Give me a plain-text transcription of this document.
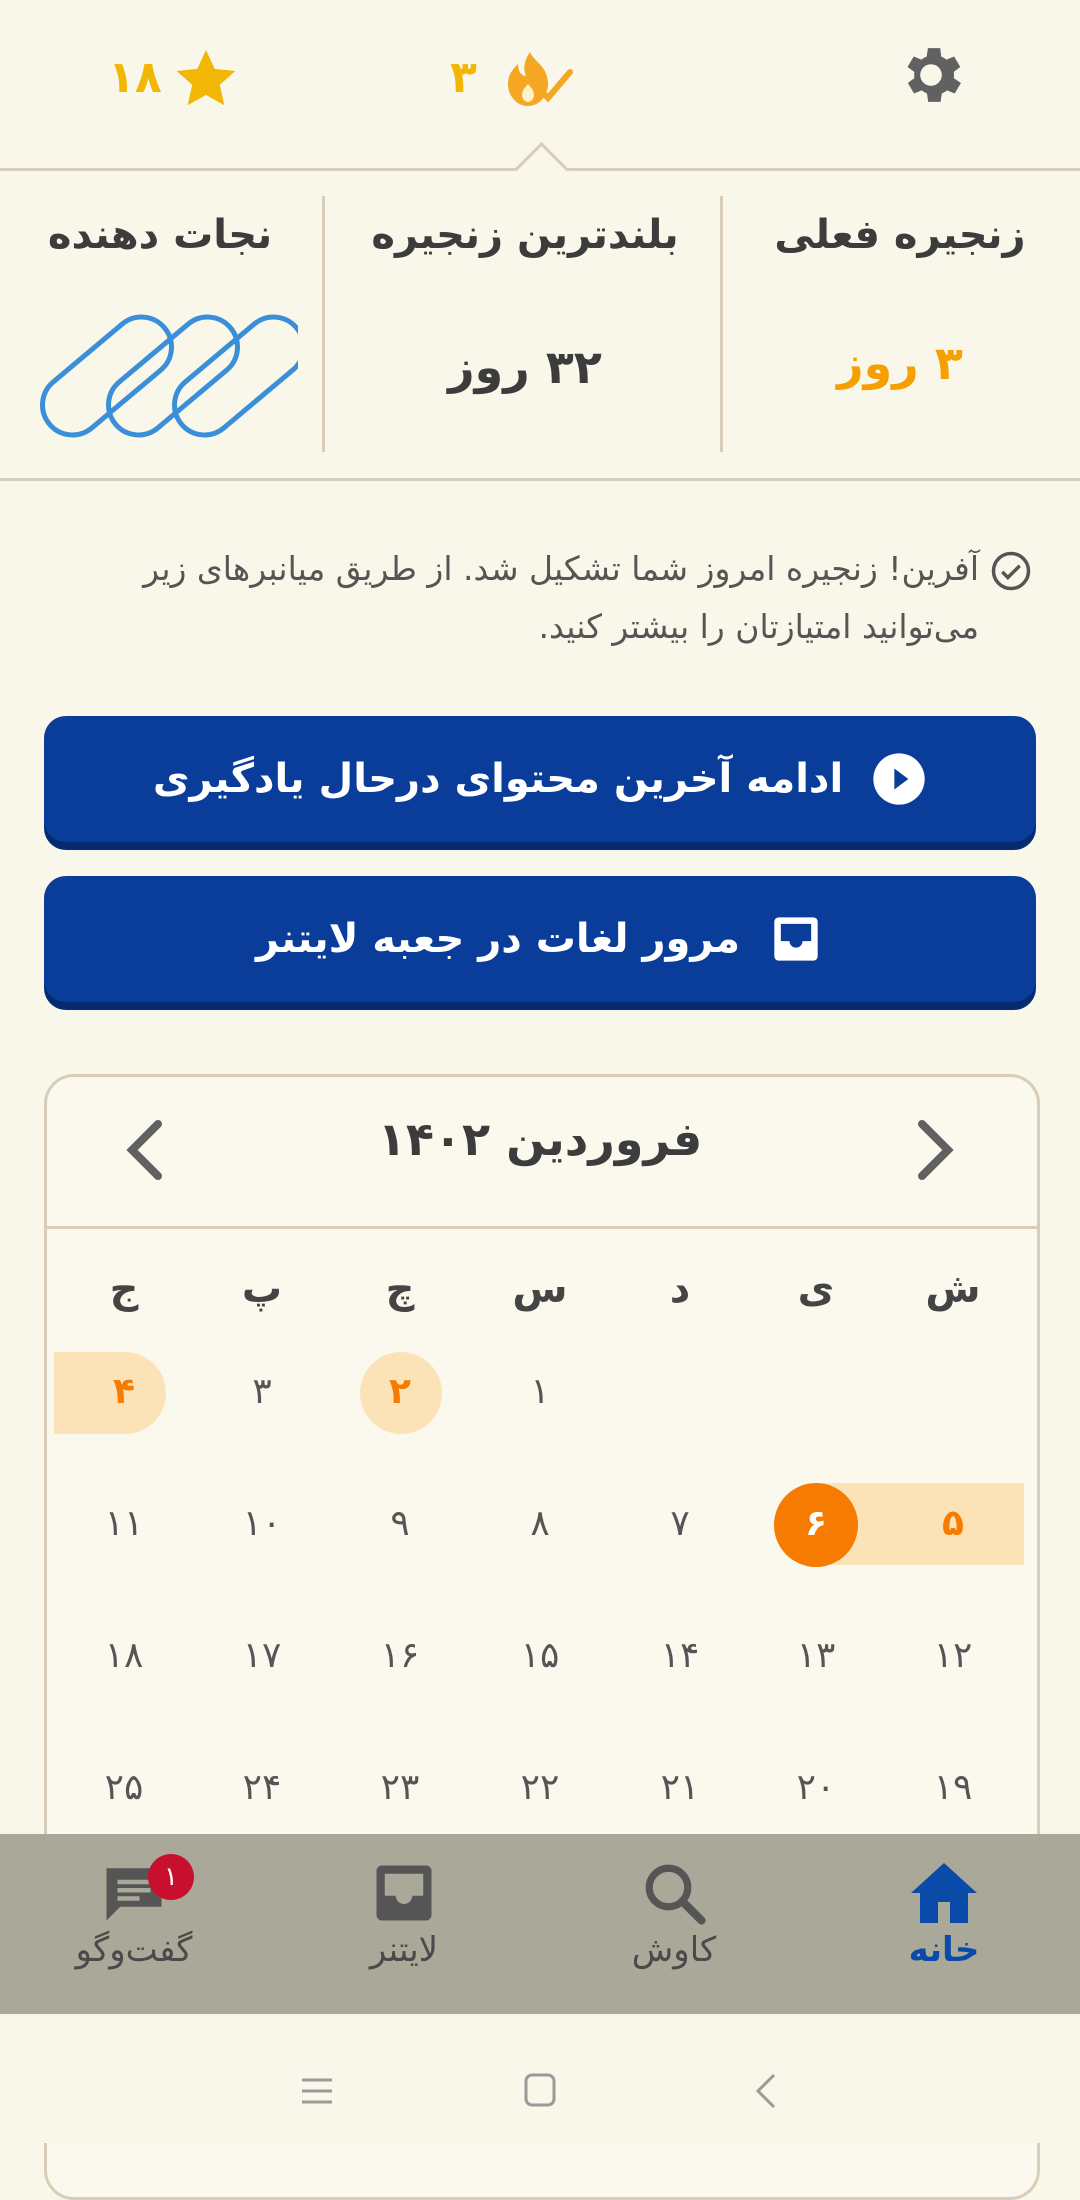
۱۸	۳
زنجیره فعلی
۳ روز
بلندترین زنجیره
۳۲ روز
نجات دهنده
آفرین! زنجیره امروز شما تشکیل شد. از طریق میانبرهای زیر می‌توانید امتیازتان را بیشتر کنید.
ادامه آخرین محتوای درحال یادگیری
مرور لغات در جعبه لایتنر
فروردین ۱۴۰۲
ش
ی
د
س
چ
پ
ج
۱
۲
۳
۴
۵
۶
۷
۸
۹
۱۰
۱۱
۱۲
۱۳
۱۴
۱۵
۱۶
۱۷
۱۸
۱۹
۲۰
۲۱
۲۲
۲۳
۲۴
۲۵
خانه
کاوش
لایتنر
گفت‌وگو
۱
